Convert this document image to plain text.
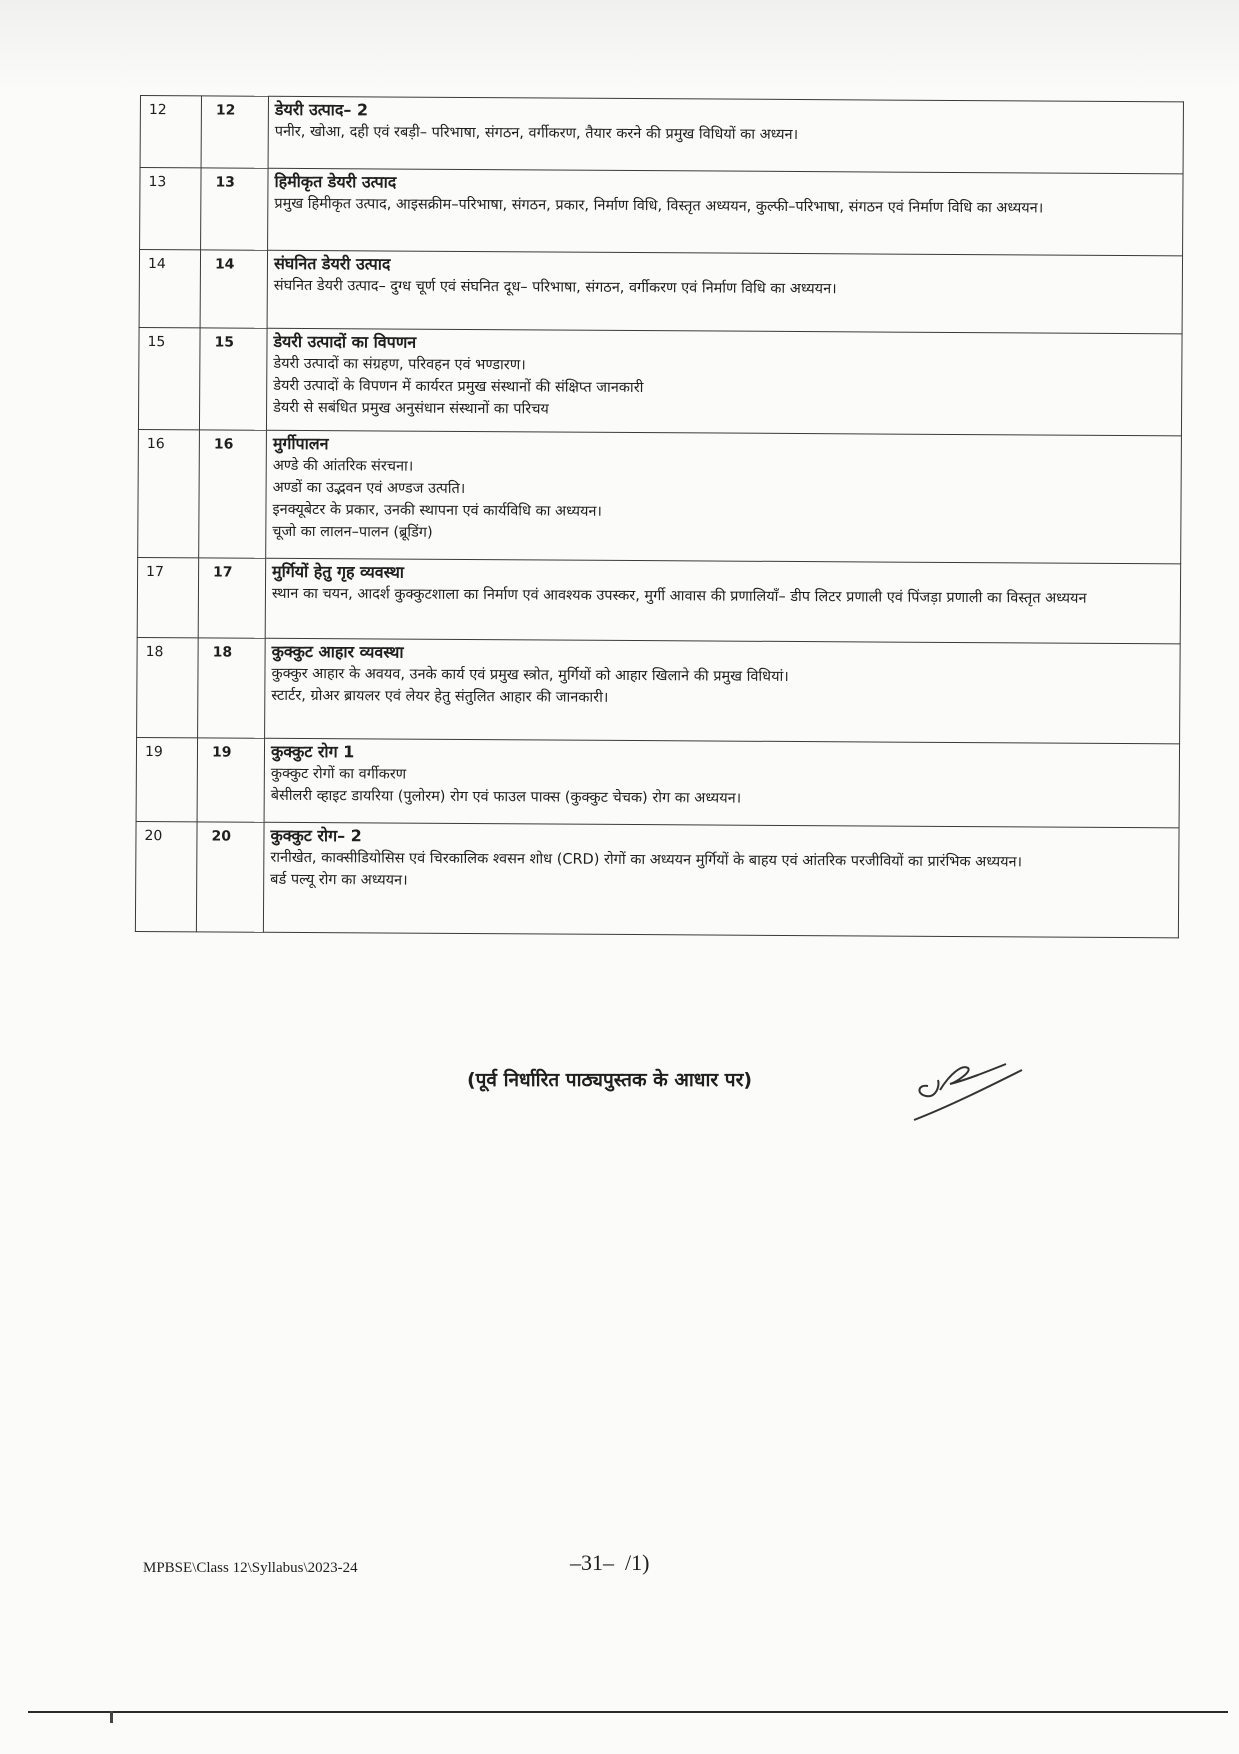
12	12	डेयरी उत्पाद– 2
पनीर, खोआ, दही एवं रबड़ी– परिभाषा, संगठन, वर्गीकरण, तैयार करने की प्रमुख विधियों का अध्यन।

13	13	हिमीकृत डेयरी उत्पाद
प्रमुख हिमीकृत उत्पाद, आइसक्रीम–परिभाषा, संगठन, प्रकार, निर्माण विधि, विस्तृत अध्ययन, कुल्फी–परिभाषा, संगठन एवं निर्माण विधि का अध्ययन।

14	14	संघनित डेयरी उत्पाद
संघनित डेयरी उत्पाद– दुग्ध चूर्ण एवं संघनित दूध– परिभाषा, संगठन, वर्गीकरण एवं निर्माण विधि का अध्ययन।

15	15	डेयरी उत्पादों का विपणन
डेयरी उत्पादों का संग्रहण, परिवहन एवं भण्डारण।
डेयरी उत्पादों के विपणन में कार्यरत प्रमुख संस्थानों की संक्षिप्त जानकारी
डेयरी से सबंधित प्रमुख अनुसंधान संस्थानों का परिचय

16	16	मुर्गीपालन
अण्डे की आंतरिक संरचना।
अण्डों का उद्भवन एवं अण्डज उत्पति।
इनक्यूबेटर के प्रकार, उनकी स्थापना एवं कार्यविधि का अध्ययन।
चूजो का लालन–पालन (ब्रूडिंग)

17	17	मुर्गियों हेतु गृह व्यवस्था
स्थान का चयन, आदर्श कुक्कुटशाला का निर्माण एवं आवश्यक उपस्कर, मुर्गी आवास की प्रणालियाँ– डीप लिटर प्रणाली एवं पिंजड़ा प्रणाली का विस्तृत अध्ययन

18	18	कुक्कुट आहार व्यवस्था
कुक्कुर आहार के अवयव, उनके कार्य एवं प्रमुख स्त्रोत, मुर्गियों को आहार खिलाने की प्रमुख विधियां।
स्टार्टर, ग्रोअर ब्रायलर एवं लेयर हेतु संतुलित आहार की जानकारी।

19	19	कुक्कुट रोग 1
कुक्कुट रोगों का वर्गीकरण
बेसीलरी व्हाइट डायरिया (पुलोरम) रोग एवं फाउल पाक्स (कुक्कुट चेचक) रोग का अध्ययन।

20	20	कुक्कुट रोग– 2
रानीखेत, काक्सीडियोसिस एवं चिरकालिक श्वसन शोध (CRD) रोगों का अध्ययन मुर्गियों के बाहय एवं आंतरिक परजीवियों का प्रारंभिक अध्ययन।
बर्ड पल्यू रोग का अध्ययन।
(पूर्व निर्धारित पाठ्यपुस्तक के आधार पर)
MPBSE\Class 12\Syllabus\2023-24	–31– /1)
